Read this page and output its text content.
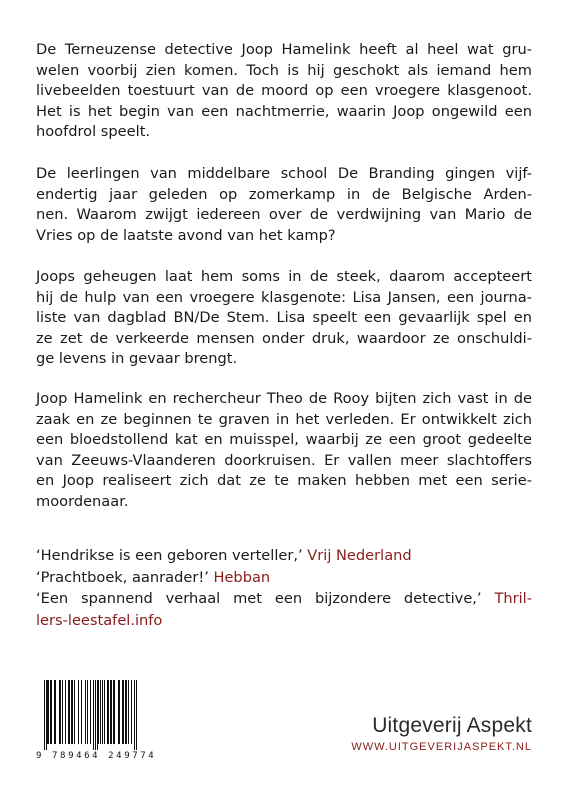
De Terneuzense detective Joop Hamelink heeft al heel wat gru-
welen voorbij zien komen. Toch is hij geschokt als iemand hem
livebeelden toestuurt van de moord op een vroegere klasgenoot.
Het is het begin van een nachtmerrie, waarin Joop ongewild een
hoofdrol speelt.
De leerlingen van middelbare school De Branding gingen vijf-
endertig jaar geleden op zomerkamp in de Belgische Arden-
nen. Waarom zwijgt iedereen over de verdwijning van Mario de
Vries op de laatste avond van het kamp?
Joops geheugen laat hem soms in de steek, daarom accepteert
hij de hulp van een vroegere klasgenote: Lisa Jansen, een journa-
liste van dagblad BN/De Stem. Lisa speelt een gevaarlijk spel en
ze zet de verkeerde mensen onder druk, waardoor ze onschuldi-
ge levens in gevaar brengt.
Joop Hamelink en rechercheur Theo de Rooy bijten zich vast in de
zaak en ze beginnen te graven in het verleden. Er ontwikkelt zich
een bloedstollend kat en muisspel, waarbij ze een groot gedeelte
van Zeeuws-Vlaanderen doorkruisen. Er vallen meer slachtoffers
en Joop realiseert zich dat ze te maken hebben met een serie-
moordenaar.
‘Hendrikse is een geboren verteller,’ Vrij Nederland
‘Prachtboek, aanrader!’ Hebban
‘Een spannend verhaal met een bijzondere detective,’ Thril-
lers-leestafel.info
9 789464 249774
Uitgeverij Aspekt
WWW.UITGEVERIJASPEKT.NL
